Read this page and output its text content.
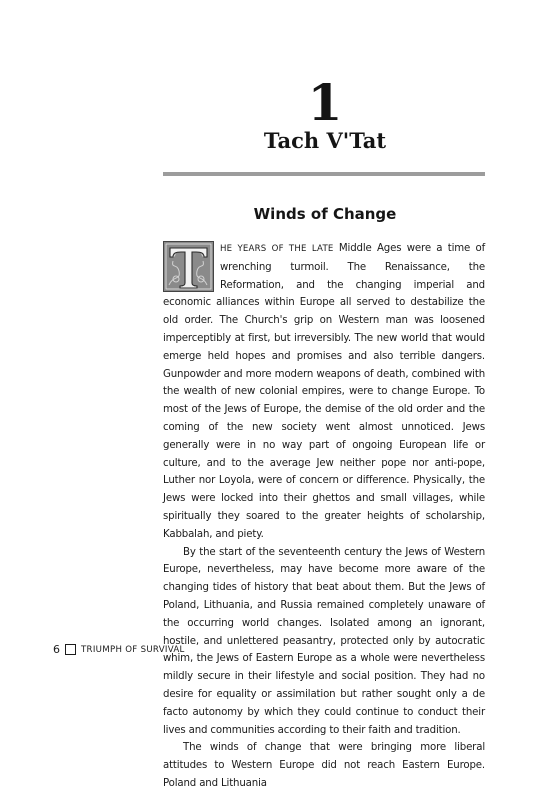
1
Tach V'Tat
Winds of Change

HE YEARS OF THE LATE Middle Ages were a time of wrenching turmoil. The Renaissance, the Reformation, and the changing imperial and economic alliances within Europe all served to destabilize the old order. The Church's grip on Western man was loosened imperceptibly at first, but irreversibly. The new world that would emerge held hopes and promises and also terrible dangers. Gunpowder and more modern weapons of death, combined with the wealth of new colonial empires, were to change Europe. To most of the Jews of Europe, the demise of the old order and the coming of the new society went almost unnoticed. Jews generally were in no way part of ongoing European life or culture, and to the average Jew neither pope nor anti-pope, Luther nor Loyola, were of concern or difference. Physically, the Jews were locked into their ghettos and small villages, while spiritually they soared to the greater heights of scholarship, Kabbalah, and piety.

By the start of the seventeenth century the Jews of Western Europe, nevertheless, may have become more aware of the changing tides of history that beat about them. But the Jews of Poland, Lithuania, and Russia remained completely unaware of the occurring world changes. Isolated among an ignorant, hostile, and unlettered peasantry, protected only by autocratic whim, the Jews of Eastern Europe as a whole were nevertheless mildly secure in their lifestyle and social position. They had no desire for equality or assimilation but rather sought only a de facto autonomy by which they could continue to conduct their lives and communities according to their faith and tradition.

The winds of change that were bringing more liberal attitudes to Western Europe did not reach Eastern Europe. Poland and Lithuania

6 TRIUMPH OF SURVIVAL
